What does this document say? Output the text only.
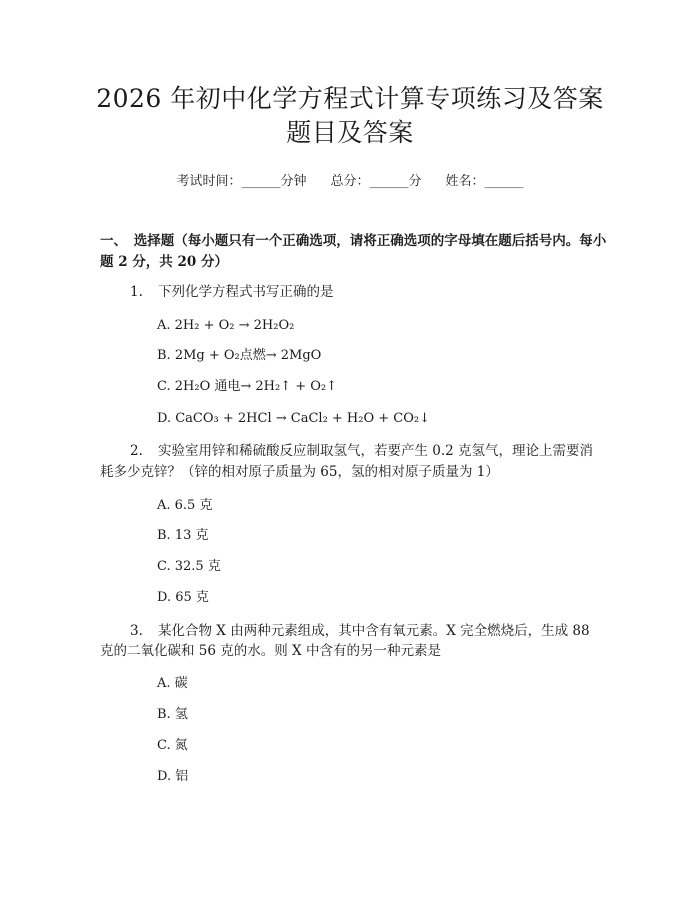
2026 年初中化学方程式计算专项练习及答案
题目及答案
考试时间：______分钟 总分：______分 姓名：______
一、　选择题（每小题只有一个正确选项，请将正确选项的字母填在题后括号内。每小题 2 分，共 20 分）
1. 下列化学方程式书写正确的是
A. 2H₂ + O₂ → 2H₂O₂
B. 2Mg + O₂点燃→ 2MgO
C. 2H₂O 通电→ 2H₂↑ + O₂↑
D. CaCO₃ + 2HCl → CaCl₂ + H₂O + CO₂↓
2. 实验室用锌和稀硫酸反应制取氢气，若要产生 0.2 克氢气，理论上需要消
耗多少克锌？（锌的相对原子质量为 65，氢的相对原子质量为 1）
A. 6.5 克
B. 13 克
C. 32.5 克
D. 65 克
3. 某化合物 X 由两种元素组成，其中含有氧元素。X 完全燃烧后，生成 88
克的二氧化碳和 56 克的水。则 X 中含有的另一种元素是
A. 碳
B. 氢
C. 氮
D. 铝
